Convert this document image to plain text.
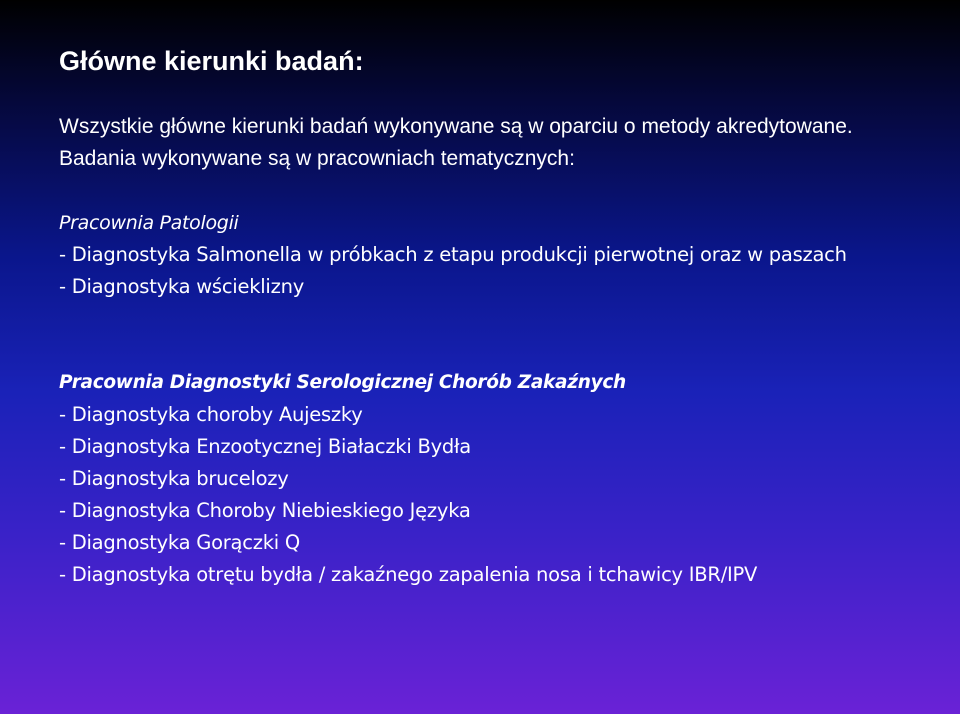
Główne kierunki badań:

Wszystkie główne kierunki badań wykonywane są w oparciu o metody akredytowane. Badania wykonywane są w pracowniach tematycznych:

Pracownia Patologii

- Diagnostyka Salmonella w próbkach z etapu produkcji pierwotnej oraz w paszach
- Diagnostyka wścieklizny

Pracownia Diagnostyki Serologicznej Chorób Zakaźnych

- Diagnostyka choroby Aujeszky
- Diagnostyka Enzootycznej Białaczki Bydła
- Diagnostyka brucelozy
- Diagnostyka Choroby Niebieskiego Języka
- Diagnostyka Gorączki Q
- Diagnostyka otrętu bydła / zakaźnego zapalenia nosa i tchawicy IBR/IPV
